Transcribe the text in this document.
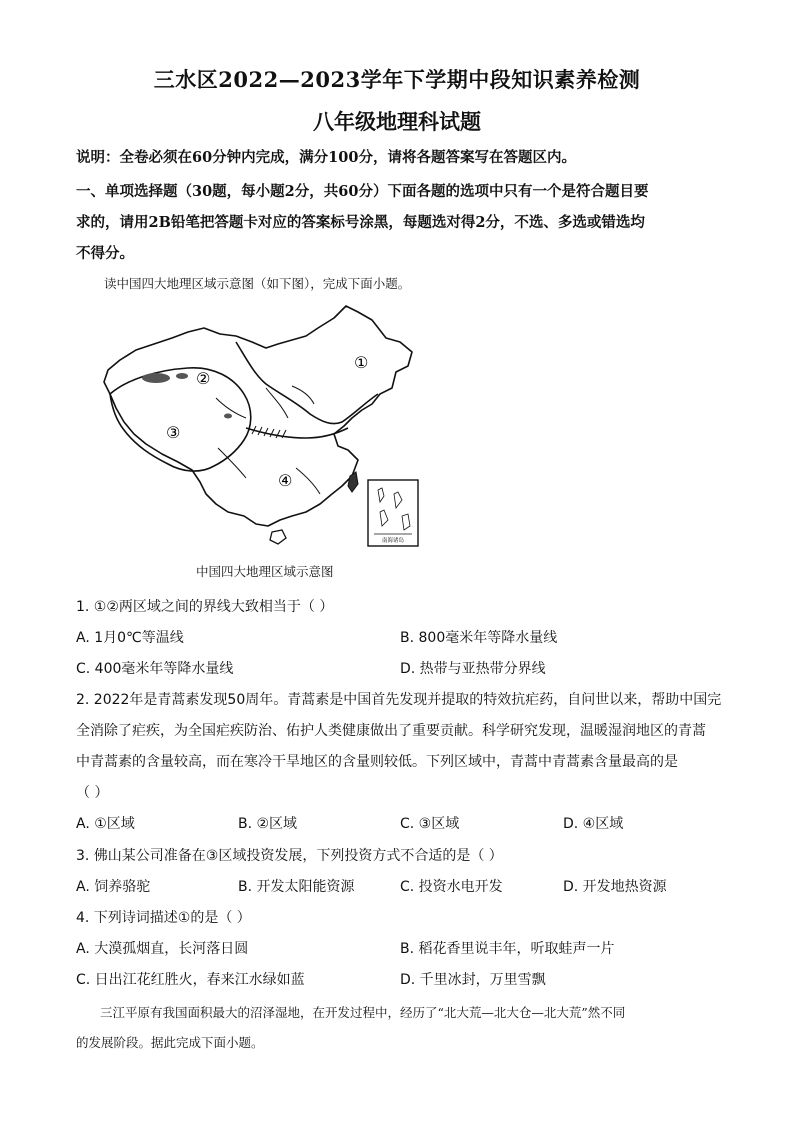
三水区2022—2023学年下学期中段知识素养检测
八年级地理科试题
说明：全卷必须在60分钟内完成，满分100分，请将各题答案写在答题区内。
一、单项选择题（30题，每小题2分，共60分）下面各题的选项中只有一个是符合题目要
求的，请用2B铅笔把答题卡对应的答案标号涂黑，每题选对得2分，不选、多选或错选均
不得分。
读中国四大地理区域示意图（如下图），完成下面小题。
①
②
③
④
南海诸岛
中国四大地理区域示意图
1. ①②两区域之间的界线大致相当于（ ）
A. 1月0℃等温线	B. 800毫米年等降水量线
C. 400毫米年等降水量线	D. 热带与亚热带分界线
2. 2022年是青蒿素发现50周年。青蒿素是中国首先发现并提取的特效抗疟药，自问世以来，帮助中国完
全消除了疟疾，为全国疟疾防治、佑护人类健康做出了重要贡献。科学研究发现，温暖湿润地区的青蒿
中青蒿素的含量较高，而在寒冷干旱地区的含量则较低。下列区域中，青蒿中青蒿素含量最高的是
（ ）
A. ①区域	B. ②区域	C. ③区域	D. ④区域
3. 佛山某公司准备在③区域投资发展，下列投资方式不合适的是（ ）
A. 饲养骆驼	B. 开发太阳能资源	C. 投资水电开发	D. 开发地热资源
4. 下列诗词描述①的是（ ）
A. 大漠孤烟直，长河落日圆	B. 稻花香里说丰年，听取蛙声一片
C. 日出江花红胜火，春来江水绿如蓝	D. 千里冰封，万里雪飘
三江平原有我国面积最大的沼泽湿地，在开发过程中，经历了“北大荒—北大仓—北大荒”然不同
的发展阶段。据此完成下面小题。
